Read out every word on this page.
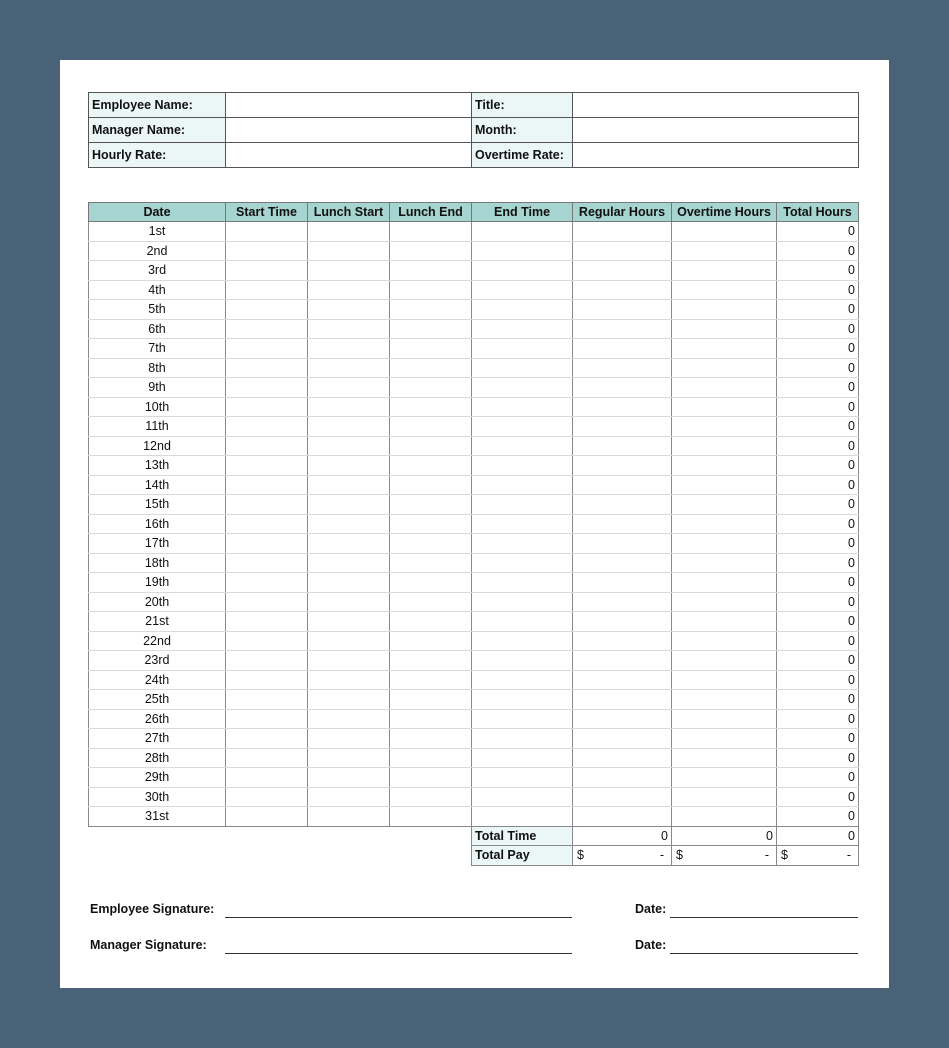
Employee Name:		Title:	
Manager Name:		Month:	
Hourly Rate:		Overtime Rate:	
Date	Start Time	Lunch Start	Lunch End	End Time	Regular Hours	Overtime Hours	Total Hours
1st							0
2nd							0
3rd							0
4th							0
5th							0
6th							0
7th							0
8th							0
9th							0
10th							0
11th							0
12nd							0
13th							0
14th							0
15th							0
16th							0
17th							0
18th							0
19th							0
20th							0
21st							0
22nd							0
23rd							0
24th							0
25th							0
26th							0
27th							0
28th							0
29th							0
30th							0
31st							0
				Total Time	0	0	0
				Total Pay	$ -	$ -	$ -
Employee Signature:	Date:
Manager Signature:	Date:
